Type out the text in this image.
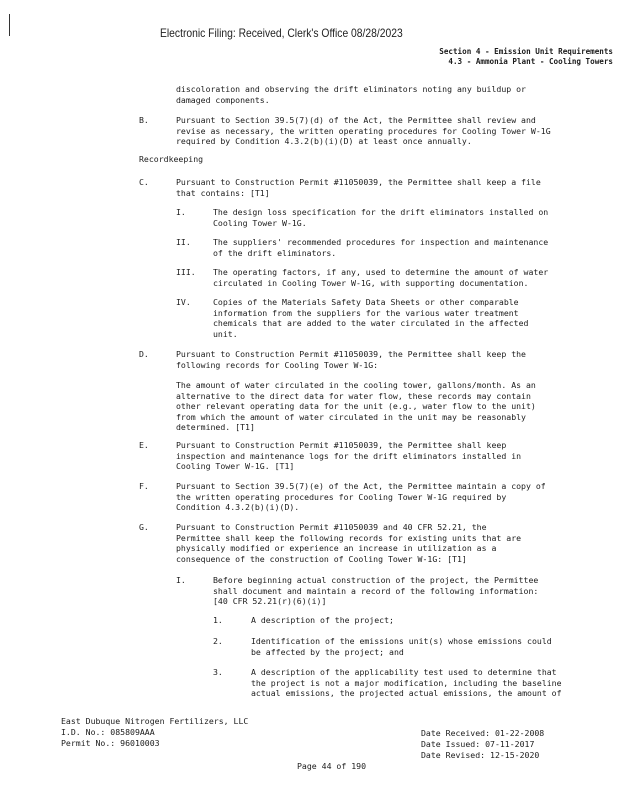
Electronic Filing: Received, Clerk's Office 08/28/2023
Section 4 - Emission Unit Requirements
4.3 - Ammonia Plant - Cooling Towers
discoloration and observing the drift eliminators noting any buildup or
damaged components.
B.	Pursuant to Section 39.5(7)(d) of the Act, the Permittee shall review and
revise as necessary, the written operating procedures for Cooling Tower W-1G
required by Condition 4.3.2(b)(i)(D) at least once annually.
Recordkeeping
C.	Pursuant to Construction Permit #11050039, the Permittee shall keep a file
that contains: [T1]
I.	The design loss specification for the drift eliminators installed on
Cooling Tower W-1G.
II.	The suppliers' recommended procedures for inspection and maintenance
of the drift eliminators.
III. The operating factors, if any, used to determine the amount of water
circulated in Cooling Tower W-1G, with supporting documentation.
IV.	Copies of the Materials Safety Data Sheets or other comparable
information from the suppliers for the various water treatment
chemicals that are added to the water circulated in the affected
unit.
D.	Pursuant to Construction Permit #11050039, the Permittee shall keep the
following records for Cooling Tower W-1G:
The amount of water circulated in the cooling tower, gallons/month. As an
alternative to the direct data for water flow, these records may contain
other relevant operating data for the unit (e.g., water flow to the unit)
from which the amount of water circulated in the unit may be reasonably
determined. [T1]
E.	Pursuant to Construction Permit #11050039, the Permittee shall keep
inspection and maintenance logs for the drift eliminators installed in
Cooling Tower W-1G. [T1]
F.	Pursuant to Section 39.5(7)(e) of the Act, the Permittee maintain a copy of
the written operating procedures for Cooling Tower W-1G required by
Condition 4.3.2(b)(i)(D).
G.	Pursuant to Construction Permit #11050039 and 40 CFR 52.21, the
Permittee shall keep the following records for existing units that are
physically modified or experience an increase in utilization as a
consequence of the construction of Cooling Tower W-1G: [T1]
I.	Before beginning actual construction of the project, the Permittee
shall document and maintain a record of the following information:
[40 CFR 52.21(r)(6)(i)]
1.	A description of the project;
2.	Identification of the emissions unit(s) whose emissions could
be affected by the project; and
3.	A description of the applicability test used to determine that
the project is not a major modification, including the baseline
actual emissions, the projected actual emissions, the amount of
East Dubuque Nitrogen Fertilizers, LLC
I.D. No.: 085809AAA
Permit No.: 96010003
Date Received: 01-22-2008
Date Issued: 07-11-2017
Date Revised: 12-15-2020
Page 44 of 190
